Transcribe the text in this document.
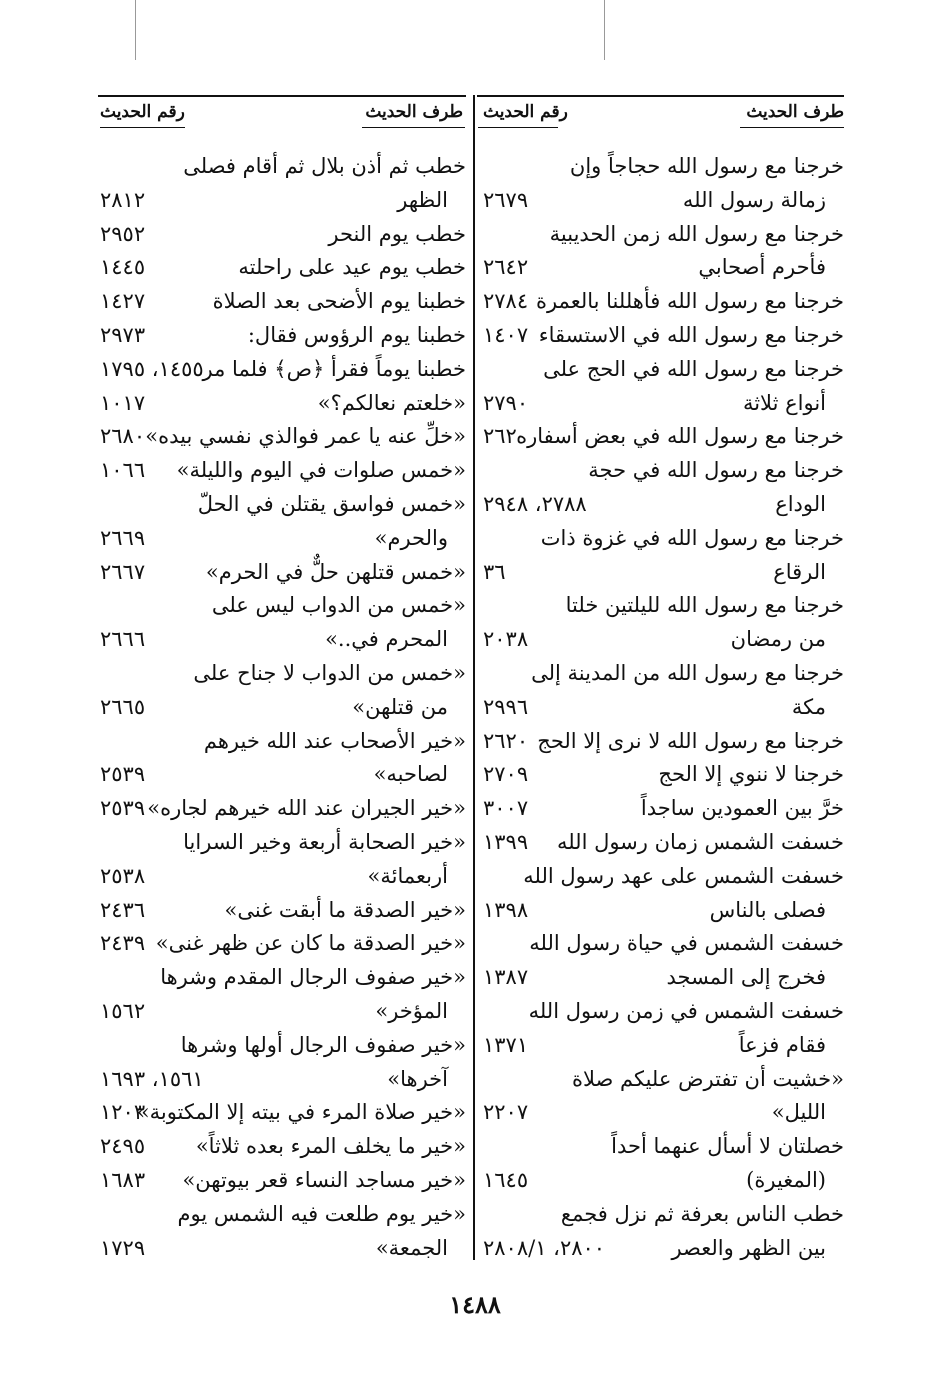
طرف الحديث
رقم الحديث
طرف الحديث
رقم الحديث
خرجنا مع رسول الله حجاجاً وإن
زمالة رسول الله
٢٦٧٩
خرجنا مع رسول الله زمن الحديبية
فأحرم أصحابي
٢٦٤٢
خرجنا مع رسول الله فأهللنا بالعمرة
٢٧٨٤
خرجنا مع رسول الله في الاستسقاء
١٤٠٧
خرجنا مع رسول الله في الحج على
أنواع ثلاثة
٢٧٩٠
خرجنا مع رسول الله في بعض أسفاره
٢٦٢
خرجنا مع رسول الله في حجة
الوداع
٢٧٨٨، ٢٩٤٨
خرجنا مع رسول الله في غزوة ذات
الرقاع
٣٦
خرجنا مع رسول الله لليلتين خلتا
من رمضان
٢٠٣٨
خرجنا مع رسول الله من المدينة إلى
مكة
٢٩٩٦
خرجنا مع رسول الله لا نرى إلا الحج
٢٦٢٠
خرجنا لا ننوي إلا الحج
٢٧٠٩
خرَّ بين العمودين ساجداً
٣٠٠٧
خسفت الشمس زمان رسول الله
١٣٩٩
خسفت الشمس على عهد رسول الله
فصلى بالناس
١٣٩٨
خسفت الشمس في حياة رسول الله
فخرج إلى المسجد
١٣٨٧
خسفت الشمس في زمن رسول الله
فقام فزعاً
١٣٧١
«خشيت أن تفترض عليكم صلاة
الليل»
٢٢٠٧
خصلتان لا أسأل عنهما أحداً
(المغيرة)
١٦٤٥
خطب الناس بعرفة ثم نزل فجمع
بين الظهر والعصر
٢٨٠٠، ٢٨٠٨/١
خطب ثم أذن بلال ثم أقام فصلى
الظهر
٢٨١٢
خطب يوم النحر
٢٩٥٢
خطب يوم عيد على راحلته
١٤٤٥
خطبنا يوم الأضحى بعد الصلاة
١٤٢٧
خطبنا يوم الرؤوس فقال:
٢٩٧٣
خطبنا يوماً فقرأ ﴿ص﴾ فلما مر
١٤٥٥، ١٧٩٥
«خلعتم نعالكم؟»
١٠١٧
«خلِّ عنه يا عمر فوالذي نفسي بيده»
٢٦٨٠
«خمس صلوات في اليوم والليلة»
١٠٦٦
«خمس فواسق يقتلن في الحلّ
والحرم»
٢٦٦٩
«خمس قتلهن حلٌّ في الحرم»
٢٦٦٧
«خمس من الدواب ليس على
المحرم في..»
٢٦٦٦
«خمس من الدواب لا جناح على
من قتلهن»
٢٦٦٥
«خير الأصحاب عند الله خيرهم
لصاحبه»
٢٥٣٩
«خير الجيران عند الله خيرهم لجاره»
٢٥٣٩
«خير الصحابة أربعة وخير السرايا
أربعمائة»
٢٥٣٨
«خير الصدقة ما أبقت غنى»
٢٤٣٦
«خير الصدقة ما كان عن ظهر غنى»
٢٤٣٩
«خير صفوف الرجال المقدم وشرها
المؤخر»
١٥٦٢
«خير صفوف الرجال أولها وشرها
آخرها»
١٥٦١، ١٦٩٣
«خير صلاة المرء في بيته إلا المكتوبة»
١٢٠٣
«خير ما يخلف المرء بعده ثلاثاً»
٢٤٩٥
«خير مساجد النساء قعر بيوتهن»
١٦٨٣
«خير يوم طلعت فيه الشمس يوم
الجمعة»
١٧٢٩
١٤٨٨
